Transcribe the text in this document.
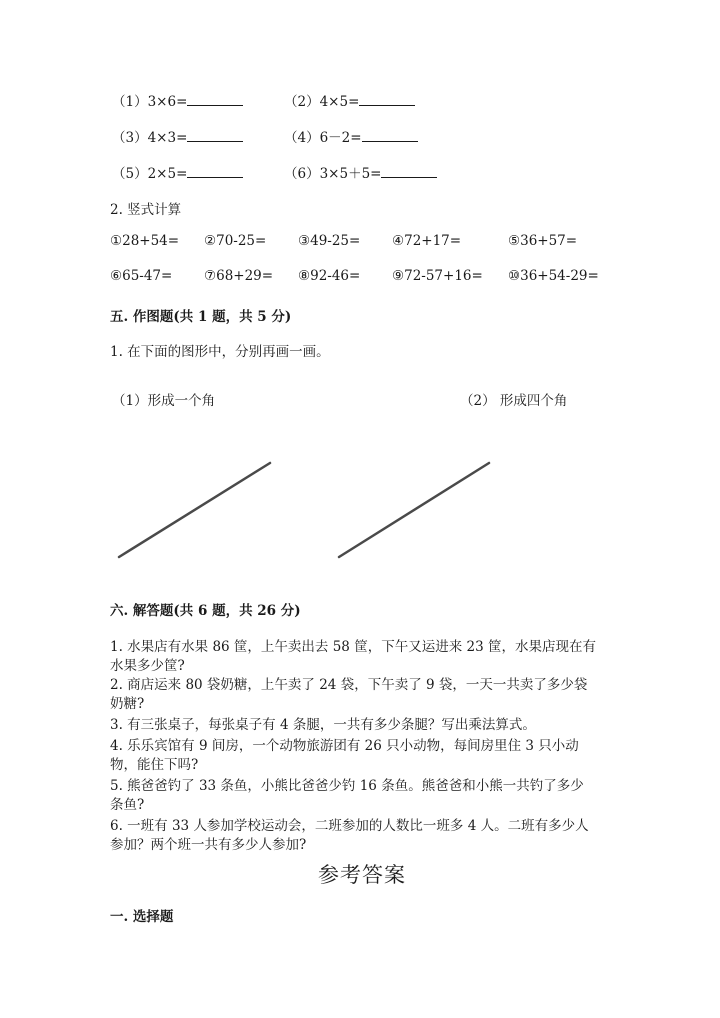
（1）3×6=	（2）4×5=
（3）4×3=	（4）6－2=
（5）2×5=	（6）3×5＋5=
2. 竖式计算
①28+54= ②70-25= ③49-25= ④72+17=	⑤36+57=
⑥65-47= ⑦68+29= ⑧92-46= ⑨72-57+16= ⑩36+54-29=
五. 作图题(共 1 题，共 5 分)
1. 在下面的图形中，分别再画一画。
（1）形成一个角	（2） 形成四个角
六. 解答题(共 6 题，共 26 分)
1. 水果店有水果 86 筐，上午卖出去 58 筐，下午又运进来 23 筐，水果店现在有
水果多少筐?
2. 商店运来 80 袋奶糖，上午卖了 24 袋，下午卖了 9 袋，一天一共卖了多少袋
奶糖?
3. 有三张桌子，每张桌子有 4 条腿，一共有多少条腿？写出乘法算式。
4. 乐乐宾馆有 9 间房，一个动物旅游团有 26 只小动物，每间房里住 3 只小动
物，能住下吗?
5. 熊爸爸钓了 33 条鱼，小熊比爸爸少钓 16 条鱼。熊爸爸和小熊一共钓了多少
条鱼?
6. 一班有 33 人参加学校运动会，二班参加的人数比一班多 4 人。二班有多少人
参加？两个班一共有多少人参加?
参考答案
一. 选择题
